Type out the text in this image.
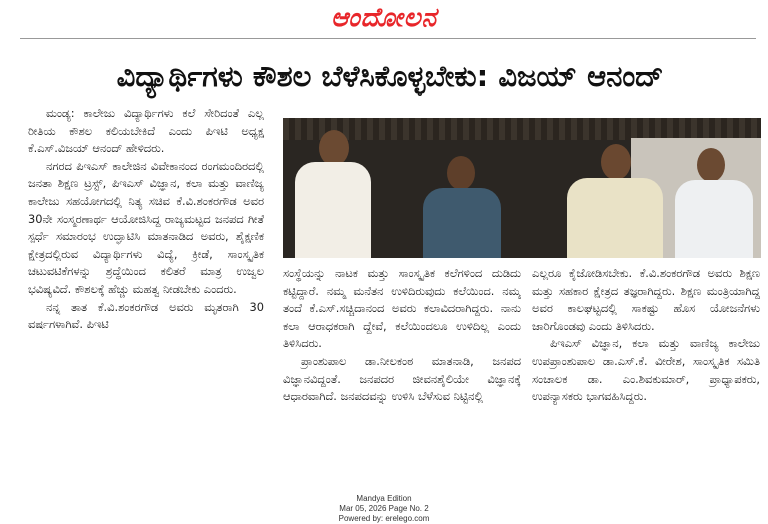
ಆಂದೋಲನ
ವಿದ್ಯಾರ್ಥಿಗಳು ಕೌಶಲ ಬೆಳೆಸಿಕೊಳ್ಳಬೇಕು: ವಿಜಯ್ ಆನಂದ್

ಮಂಡ್ಯ: ಕಾಲೇಜು ವಿದ್ಯಾರ್ಥಿಗಳು ಕಲೆ ಸೇರಿದಂತೆ ಎಲ್ಲ ರೀತಿಯ ಕೌಶಲ ಕಲಿಯಬೇಕಿದೆ ಎಂದು ಪಿಇಟಿ ಅಧ್ಯಕ್ಷ ಕೆ.ಎಸ್.ವಿಜಯ್ ಆನಂದ್ ಹೇಳಿದರು.

ನಗರದ ಪಿಇಎಸ್ ಕಾಲೇಜಿನ ವಿವೇಕಾನಂದ ರಂಗಮಂದಿರದಲ್ಲಿ ಜನತಾ ಶಿಕ್ಷಣ ಟ್ರಸ್ಟ್, ಪಿಇಎಸ್ ವಿಜ್ಞಾನ, ಕಲಾ ಮತ್ತು ವಾಣಿಜ್ಯ ಕಾಲೇಜು ಸಹಯೋಗದಲ್ಲಿ ನಿತ್ಯ ಸಚಿವ ಕೆ.ವಿ.ಶಂಕರಗೌಡ ಅವರ 30ನೇ ಸಂಸ್ಮರಣಾರ್ಥ ಆಯೋಜಿಸಿದ್ದ ರಾಜ್ಯಮಟ್ಟದ ಜನಪದ ಗೀತೆ ಸ್ಪರ್ಧೆ ಸಮಾರಂಭ ಉದ್ಘಾಟಿಸಿ ಮಾತನಾಡಿದ ಅವರು, ಶೈಕ್ಷಣಿಕ ಕ್ಷೇತ್ರದಲ್ಲಿರುವ ವಿದ್ಯಾರ್ಥಿಗಳು ವಿದ್ಯೆ, ಕ್ರೀಡೆ, ಸಾಂಸ್ಕೃತಿಕ ಚಟುವಟಿಕೆಗಳನ್ನು ಶ್ರದ್ಧೆಯಿಂದ ಕಲಿತರೆ ಮಾತ್ರ ಉಜ್ವಲ ಭವಿಷ್ಯವಿದೆ. ಕೌಶಲಕ್ಕೆ ಹೆಚ್ಚು ಮಹತ್ವ ನೀಡಬೇಕು ಎಂದರು.

ನನ್ನ ತಾತ ಕೆ.ವಿ.ಶಂಕರಗೌಡ ಅವರು ಮೃತರಾಗಿ 30 ವರ್ಷಗಳಾಗಿವೆ. ಪಿಇಟಿ

ಸಂಸ್ಥೆಯನ್ನು ನಾಟಕ ಮತ್ತು ಸಾಂಸ್ಕೃತಿಕ ಕಲೆಗಳಿಂದ ದುಡಿದು ಕಟ್ಟಿದ್ದಾರೆ. ನಮ್ಮ ಮನೆತನ ಉಳಿದಿರುವುದು ಕಲೆಯಿಂದ. ನಮ್ಮ ತಂದೆ ಕೆ.ಎಸ್.ಸಚ್ಚಿದಾನಂದ ಅವರು ಕಲಾವಿದರಾಗಿದ್ದರು. ನಾನು ಕಲಾ ಆರಾಧಕರಾಗಿ ದ್ದೇವೆ, ಕಲೆಯಿಂದಲೂ ಉಳಿದಿಲ್ಲ ಎಂದು ತಿಳಿಸಿದರು.

ಪ್ರಾಂಶುಪಾಲ ಡಾ.ನೀಲಕಂಠ ಮಾತನಾಡಿ, ಜನಪದ ವಿಜ್ಞಾನವಿದ್ದಂತೆ. ಜನಪದರ ಜೀವನಶೈಲಿಯೇ ವಿಜ್ಞಾನಕ್ಕೆ ಆಧಾರವಾಗಿದೆ. ಜನಪದವನ್ನು ಉಳಿಸಿ ಬೆಳೆಸುವ ನಿಟ್ಟಿನಲ್ಲಿ

ಎಲ್ಲರೂ ಕೈಜೋಡಿಸಬೇಕು. ಕೆ.ವಿ.ಶಂಕರಗೌಡ ಅವರು ಶಿಕ್ಷಣ ಮತ್ತು ಸಹಕಾರ ಕ್ಷೇತ್ರದ ತಜ್ಞರಾಗಿದ್ದರು. ಶಿಕ್ಷಣ ಮಂತ್ರಿಯಾಗಿದ್ದ ಅವರ ಕಾಲಘಟ್ಟದಲ್ಲಿ ಸಾಕಷ್ಟು ಹೊಸ ಯೋಜನೆಗಳು ಜಾರಿಗೊಂಡವು ಎಂದು ತಿಳಿಸಿದರು.

ಪಿಇಎಸ್ ವಿಜ್ಞಾನ, ಕಲಾ ಮತ್ತು ವಾಣಿಜ್ಯ ಕಾಲೇಜು ಉಪಪ್ರಾಂಶುಪಾಲ ಡಾ.ಎಸ್.ಕೆ. ವೀರೇಶ, ಸಾಂಸ್ಕೃತಿಕ ಸಮಿತಿ ಸಂಚಾಲಕ ಡಾ. ಎಂ.ಶಿವಕುಮಾರ್, ಪ್ರಾಧ್ಯಾಪಕರು, ಉಪನ್ಯಾಸಕರು ಭಾಗವಹಿಸಿದ್ದರು.

Mandya Edition
Mar 05, 2026 Page No. 2
Powered by: erelego.com
